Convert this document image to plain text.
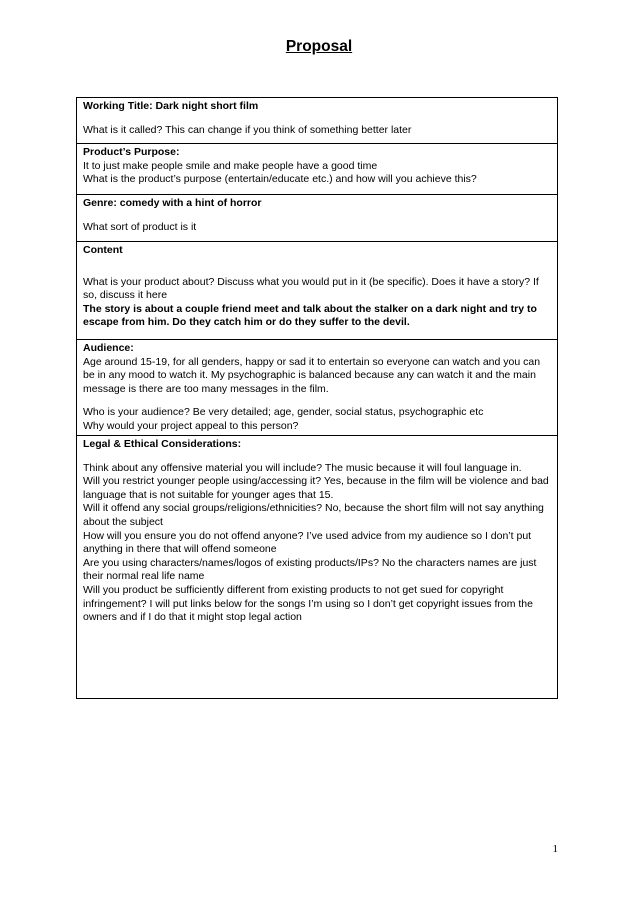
Proposal

Working Title: Dark night short film

What is it called? This can change if you think of something better later

Product’s Purpose:

It to just make people smile and make people have a good time

What is the product’s purpose (entertain/educate etc.) and how will you achieve this?

Genre: comedy with a hint of horror

What sort of product is it

Content

What is your product about? Discuss what you would put in it (be specific). Does it have a story? If so, discuss it here

The story is about a couple friend meet and talk about the stalker on a dark night and try to escape from him. Do they catch him or do they suffer to the devil.

Audience:

Age around 15-19, for all genders, happy or sad it to entertain so everyone can watch and you can be in any mood to watch it. My psychographic is balanced because any can watch it and the main message is there are too many messages in the film.

Who is your audience? Be very detailed; age, gender, social status, psychographic etc

Why would your project appeal to this person?

Legal & Ethical Considerations:

Think about any offensive material you will include? The music because it will foul language in.

Will you restrict younger people using/accessing it? Yes, because in the film will be violence and bad language that is not suitable for younger ages that 15.

Will it offend any social groups/religions/ethnicities? No, because the short film will not say anything about the subject

How will you ensure you do not offend anyone? I’ve used advice from my audience so I don’t put anything in there that will offend someone

Are you using characters/names/logos of existing products/IPs? No the characters names are just their normal real life name

Will you product be sufficiently different from existing products to not get sued for copyright infringement? I will put links below for the songs I’m using so I don’t get copyright issues from the owners and if I do that it might stop legal action

1
